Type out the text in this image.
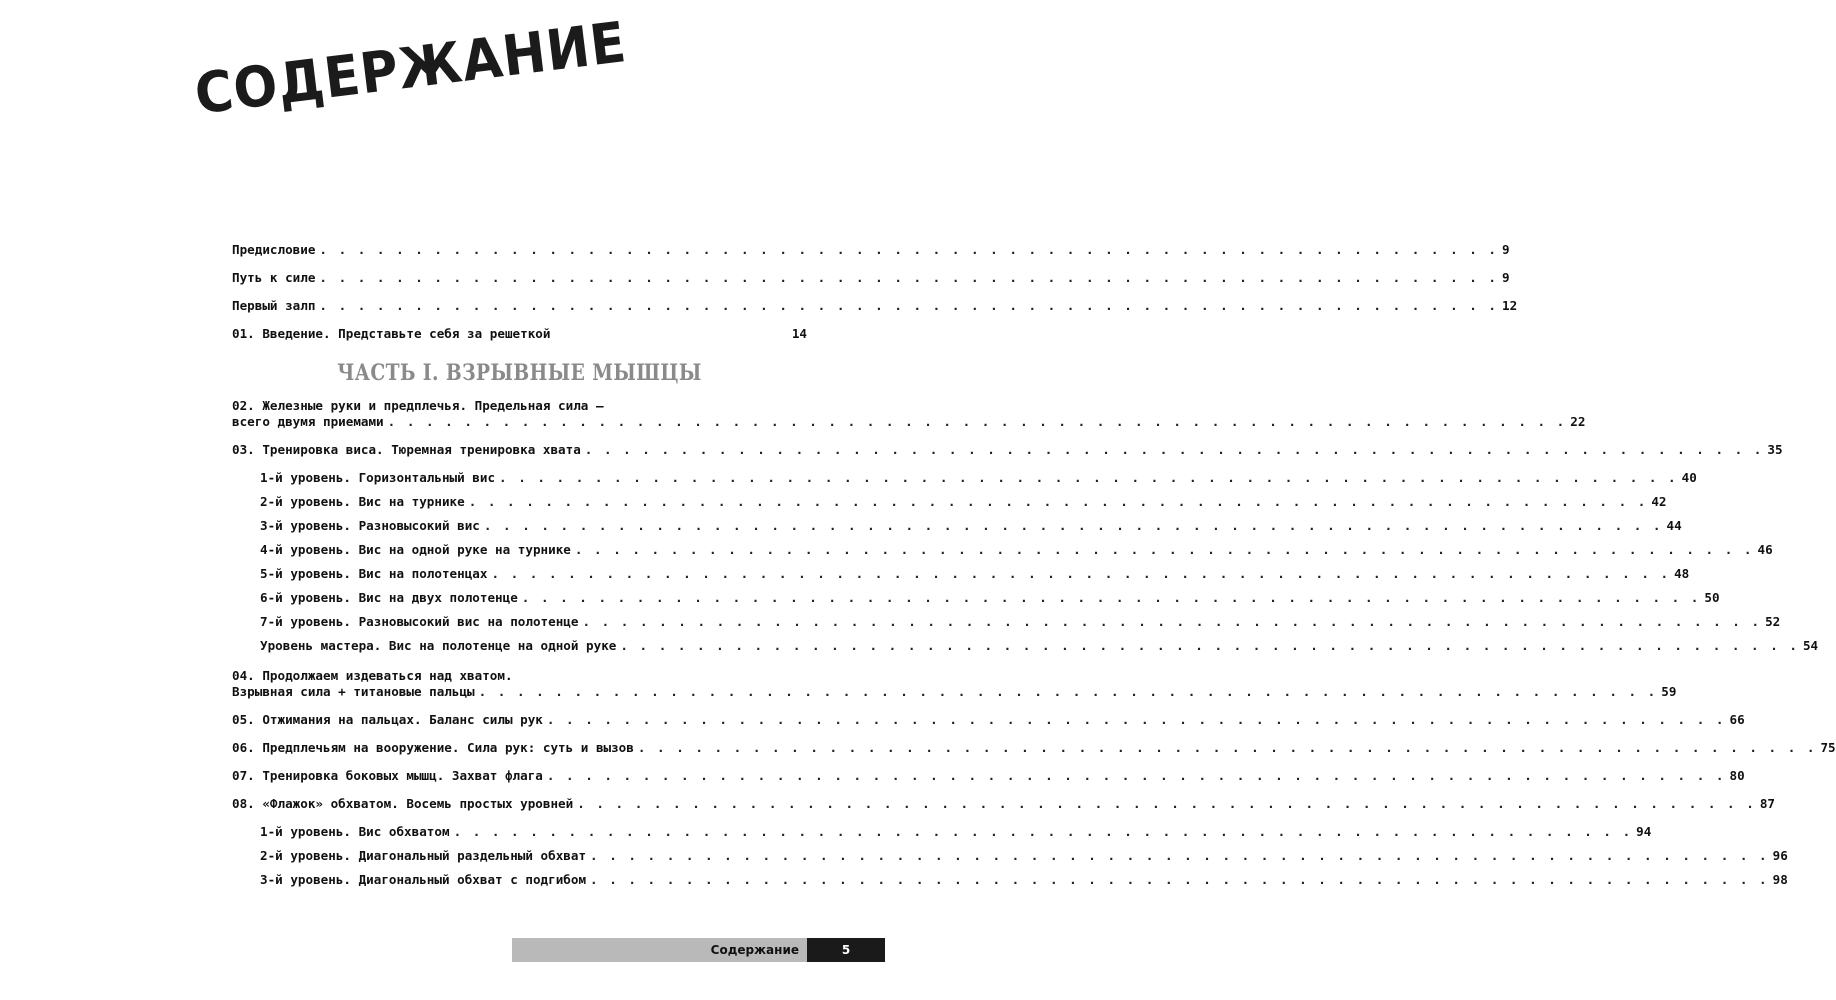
СОДЕРЖАНИЕ
Предисловие . . . . . . . . . . . . . . . . . . . . . . . . . . . . . . . . . . . . . . . . . . . . . . . . . . . . . . . . . . . . . . 9
Путь к силе . . . . . . . . . . . . . . . . . . . . . . . . . . . . . . . . . . . . . . . . . . . . . . . . . . . . . . . . . . . . . . 9
Первый залп . . . . . . . . . . . . . . . . . . . . . . . . . . . . . . . . . . . . . . . . . . . . . . . . . . . . . . . . . . . . . . 12
01. Введение. Представьте себя за решеткой .	14
ЧАСТЬ I. ВЗРЫВНЫЕ МЫШЦЫ
02. Железные руки и предплечья. Предельная сила —
всего двумя приемами . . . . . . . . . . . . . . . . . . . . . . . . . . . . . . . . . . . . . . . . . . . . . . . . . . . . . . . . . . . . . . 22
03. Тренировка виса. Тюремная тренировка хвата . . . . . . . . . . . . . . . . . . . . . . . . . . . . . . . . . . . . . . . . . . . . . . . . . . . . . . . . . . . . . . 35
1-й уровень. Горизонтальный вис . . . . . . . . . . . . . . . . . . . . . . . . . . . . . . . . . . . . . . . . . . . . . . . . . . . . . . . . . . . . . . 40
2-й уровень. Вис на турнике . . . . . . . . . . . . . . . . . . . . . . . . . . . . . . . . . . . . . . . . . . . . . . . . . . . . . . . . . . . . . . 42
3-й уровень. Разновысокий вис . . . . . . . . . . . . . . . . . . . . . . . . . . . . . . . . . . . . . . . . . . . . . . . . . . . . . . . . . . . . . . 44
4-й уровень. Вис на одной руке на турнике . . . . . . . . . . . . . . . . . . . . . . . . . . . . . . . . . . . . . . . . . . . . . . . . . . . . . . . . . . . . . . 46
5-й уровень. Вис на полотенцах . . . . . . . . . . . . . . . . . . . . . . . . . . . . . . . . . . . . . . . . . . . . . . . . . . . . . . . . . . . . . . 48
6-й уровень. Вис на двух полотенце . . . . . . . . . . . . . . . . . . . . . . . . . . . . . . . . . . . . . . . . . . . . . . . . . . . . . . . . . . . . . . 50
7-й уровень. Разновысокий вис на полотенце . . . . . . . . . . . . . . . . . . . . . . . . . . . . . . . . . . . . . . . . . . . . . . . . . . . . . . . . . . . . . . 52
Уровень мастера. Вис на полотенце на одной руке . . . . . . . . . . . . . . . . . . . . . . . . . . . . . . . . . . . . . . . . . . . . . . . . . . . . . . . . . . . . . . 54
04. Продолжаем издеваться над хватом.
Взрывная сила + титановые пальцы . . . . . . . . . . . . . . . . . . . . . . . . . . . . . . . . . . . . . . . . . . . . . . . . . . . . . . . . . . . . . . 59
05. Отжимания на пальцах. Баланс силы рук . . . . . . . . . . . . . . . . . . . . . . . . . . . . . . . . . . . . . . . . . . . . . . . . . . . . . . . . . . . . . . 66
06. Предплечьям на вооружение. Сила рук: суть и вызов . . . . . . . . . . . . . . . . . . . . . . . . . . . . . . . . . . . . . . . . . . . . . . . . . . . . . . . . . . . . . . 75
07. Тренировка боковых мышц. Захват флага . . . . . . . . . . . . . . . . . . . . . . . . . . . . . . . . . . . . . . . . . . . . . . . . . . . . . . . . . . . . . . 80
08. «Флажок» обхватом. Восемь простых уровней . . . . . . . . . . . . . . . . . . . . . . . . . . . . . . . . . . . . . . . . . . . . . . . . . . . . . . . . . . . . . . 87
1-й уровень. Вис обхватом . . . . . . . . . . . . . . . . . . . . . . . . . . . . . . . . . . . . . . . . . . . . . . . . . . . . . . . . . . . . . . 94
2-й уровень. Диагональный раздельный обхват . . . . . . . . . . . . . . . . . . . . . . . . . . . . . . . . . . . . . . . . . . . . . . . . . . . . . . . . . . . . . . 96
3-й уровень. Диагональный обхват с подгибом . . . . . . . . . . . . . . . . . . . . . . . . . . . . . . . . . . . . . . . . . . . . . . . . . . . . . . . . . . . . . . 98
Содержание	5
